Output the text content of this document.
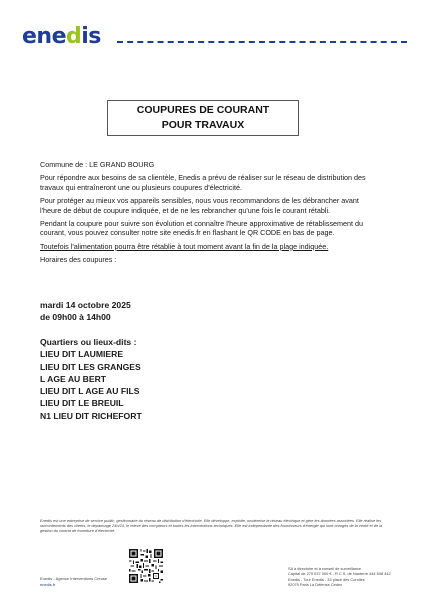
enedis
COUPURES DE COURANT
POUR TRAVAUX

Commune de : LE GRAND BOURG

Pour répondre aux besoins de sa clientèle, Enedis a prévu de réaliser sur le réseau de distribution des travaux qui entraîneront une ou plusieurs coupures d'électricité.

Pour protéger au mieux vos appareils sensibles, nous vous recommandons de les débrancher avant l'heure de début de coupure indiquée, et de ne les rebrancher qu'une fois le courant rétabli.

Pendant la coupure pour suivre son évolution et connaître l'heure approximative de rétablissement du courant, vous pouvez consulter notre site enedis.fr en flashant le QR CODE en bas de page.

Toutefois l'alimentation pourra être rétablie à tout moment avant la fin de la plage indiquée.

Horaires des coupures :

mardi 14 octobre 2025
de 09h00 à 14h00
Quartiers ou lieux-dits :
LIEU DIT LAUMIERE
LIEU DIT LES GRANGES
L AGE AU BERT
LIEU DIT L AGE AU FILS
LIEU DIT LE BREUIL
N1 LIEU DIT RICHEFORT
Enedis est une entreprise de service public, gestionnaire du réseau de distribution d'électricité. Elle développe, exploite, modernise le réseau électrique et gère les données associées. Elle réalise les raccordements des clients, le dépannage 24h/24, le relevé des compteurs et toutes les interventions techniques. Elle est indépendante des fournisseurs d'énergie qui sont chargés de la vente et de la gestion du contrat de fourniture d'électricité.
Enedis - Agence Interventions Creuse
enedis.fr
SA à directoire et à conseil de surveillance
Capital de 270 037 000 € - R.C.S. de Nanterre 444 608 442
Enedis - Tour Enedis - 34 place des Corolles
92079 Paris La Défense Cedex
